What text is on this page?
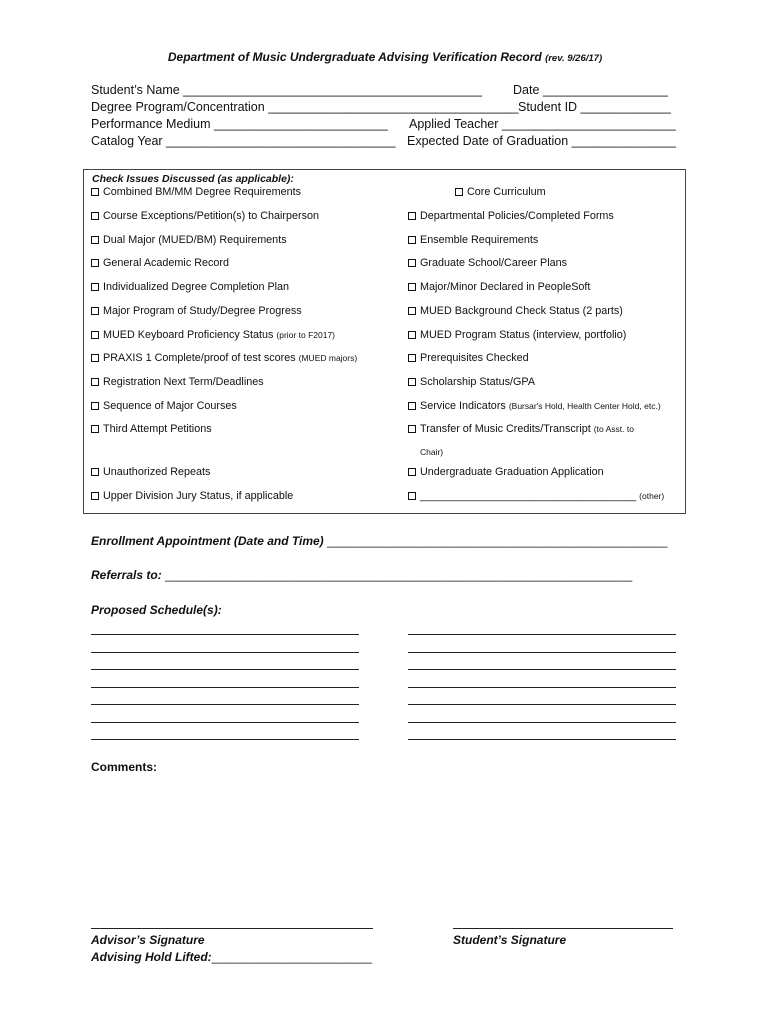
Department of Music Undergraduate Advising Verification Record (rev. 9/26/17)
Student’s Name ___________________________________________ Date __________________
Degree Program/Concentration ____________________________________ Student ID _____________
Performance Medium _________________________ Applied Teacher _________________________
Catalog Year _________________________________ Expected Date of Graduation _______________
Check Issues Discussed (as applicable):
Combined BM/MM Degree Requirements
Course Exceptions/Petition(s) to Chairperson
Dual Major (MUED/BM) Requirements
General Academic Record
Individualized Degree Completion Plan
Major Program of Study/Degree Progress
MUED Keyboard Proficiency Status (prior to F2017)
PRAXIS 1 Complete/proof of test scores (MUED majors)
Registration Next Term/Deadlines
Sequence of Major Courses
Third Attempt Petitions
Unauthorized Repeats
Upper Division Jury Status, if applicable
Core Curriculum
Departmental Policies/Completed Forms
Ensemble Requirements
Graduate School/Career Plans
Major/Minor Declared in PeopleSoft
MUED Background Check Status (2 parts)
MUED Program Status (interview, portfolio)
Prerequisites Checked
Scholarship Status/GPA
Service Indicators (Bursar's Hold, Health Center Hold, etc.)
Transfer of Music Credits/Transcript (to Asst. to
Undergraduate Graduation Application
____________________________________ (other)
Chair)
Enrollment Appointment (Date and Time) ___________________________________________________
Referrals to: ______________________________________________________________________
Proposed Schedule(s):
Comments:
Advisor’s Signature	Student’s Signature
Advising Hold Lifted:________________________
